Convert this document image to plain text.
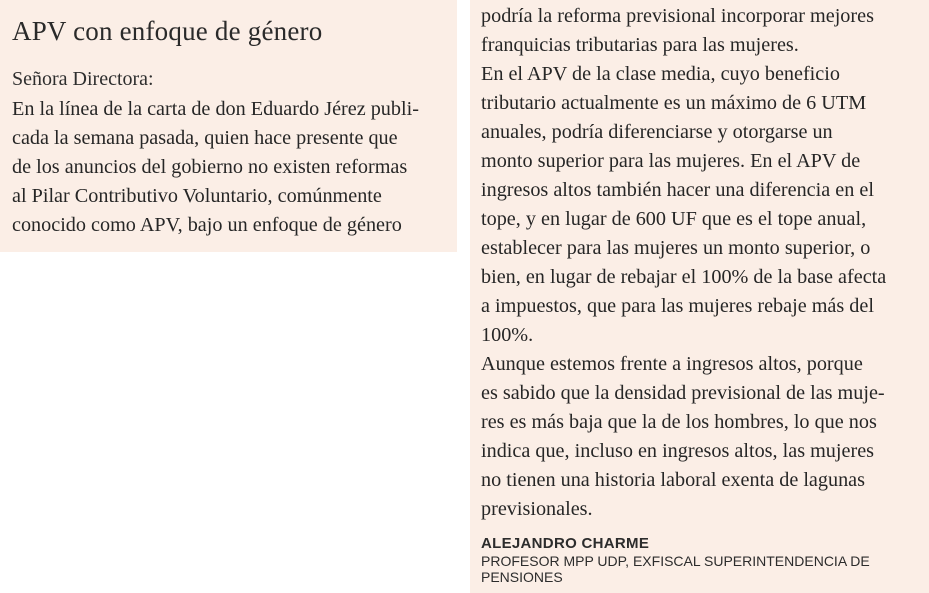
APV con enfoque de género
Señora Directora:
En la línea de la carta de don Eduardo Jérez publi-
cada la semana pasada, quien hace presente que
de los anuncios del gobierno no existen reformas
al Pilar Contributivo Voluntario, comúnmente
conocido como APV, bajo un enfoque de género
podría la reforma previsional incorporar mejores
franquicias tributarias para las mujeres.
En el APV de la clase media, cuyo beneficio
tributario actualmente es un máximo de 6 UTM
anuales, podría diferenciarse y otorgarse un
monto superior para las mujeres. En el APV de
ingresos altos también hacer una diferencia en el
tope, y en lugar de 600 UF que es el tope anual,
establecer para las mujeres un monto superior, o
bien, en lugar de rebajar el 100% de la base afecta
a impuestos, que para las mujeres rebaje más del
100%.
Aunque estemos frente a ingresos altos, porque
es sabido que la densidad previsional de las muje-
res es más baja que la de los hombres, lo que nos
indica que, incluso en ingresos altos, las mujeres
no tienen una historia laboral exenta de lagunas
previsionales.
ALEJANDRO CHARME
PROFESOR MPP UDP, EXFISCAL SUPERINTENDENCIA DE
PENSIONES
